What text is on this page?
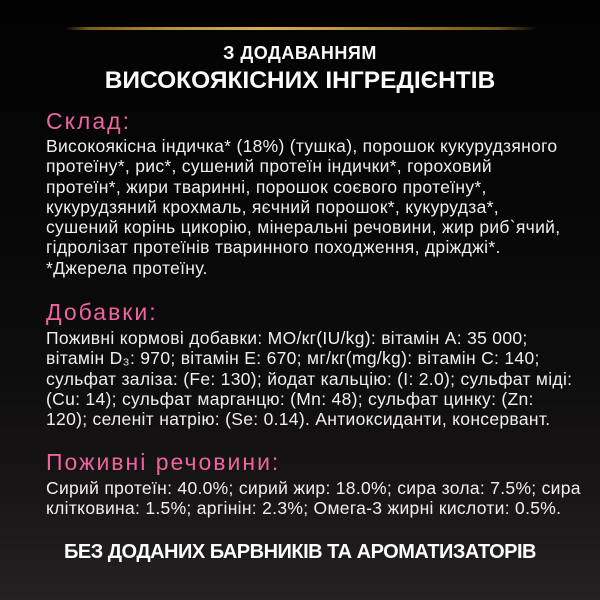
З ДОДАВАННЯМ
ВИСОКОЯКІСНИХ ІНГРЕДІЄНТІВ
Склад:
Високоякісна індичка* (18%) (тушка), порошок кукурудзяного
протеїну*, рис*, сушений протеїн індички*, гороховий
протеїн*, жири тваринні, порошок соєвого протеїну*,
кукурудзяний крохмаль, яєчний порошок*, кукурудза*,
сушений корінь цикорію, мінеральні речовини, жир риб`ячий,
гідролізат протеїнів тваринного походження, дріжджі*.
*Джерела протеїну.
Добавки:
Поживні кормові добавки: МО/кг(IU/kg): вітамін A: 35 000;
вітамін D₃: 970; вітамін E: 670; мг/кг(mg/kg): вітамін C: 140;
сульфат заліза: (Fe: 130); йодат кальцію: (I: 2.0); сульфат міді:
(Cu: 14); сульфат марганцю: (Mn: 48); сульфат цинку: (Zn:
120); селеніт натрію: (Se: 0.14). Антиоксиданти, консервант.
Поживні речовини:
Сирий протеїн: 40.0%; сирий жир: 18.0%; сира зола: 7.5%; сира
клітковина: 1.5%; аргінін: 2.3%; Омега-3 жирні кислоти: 0.5%.
БЕЗ ДОДАНИХ БАРВНИКІВ ТА АРОМАТИЗАТОРІВ
